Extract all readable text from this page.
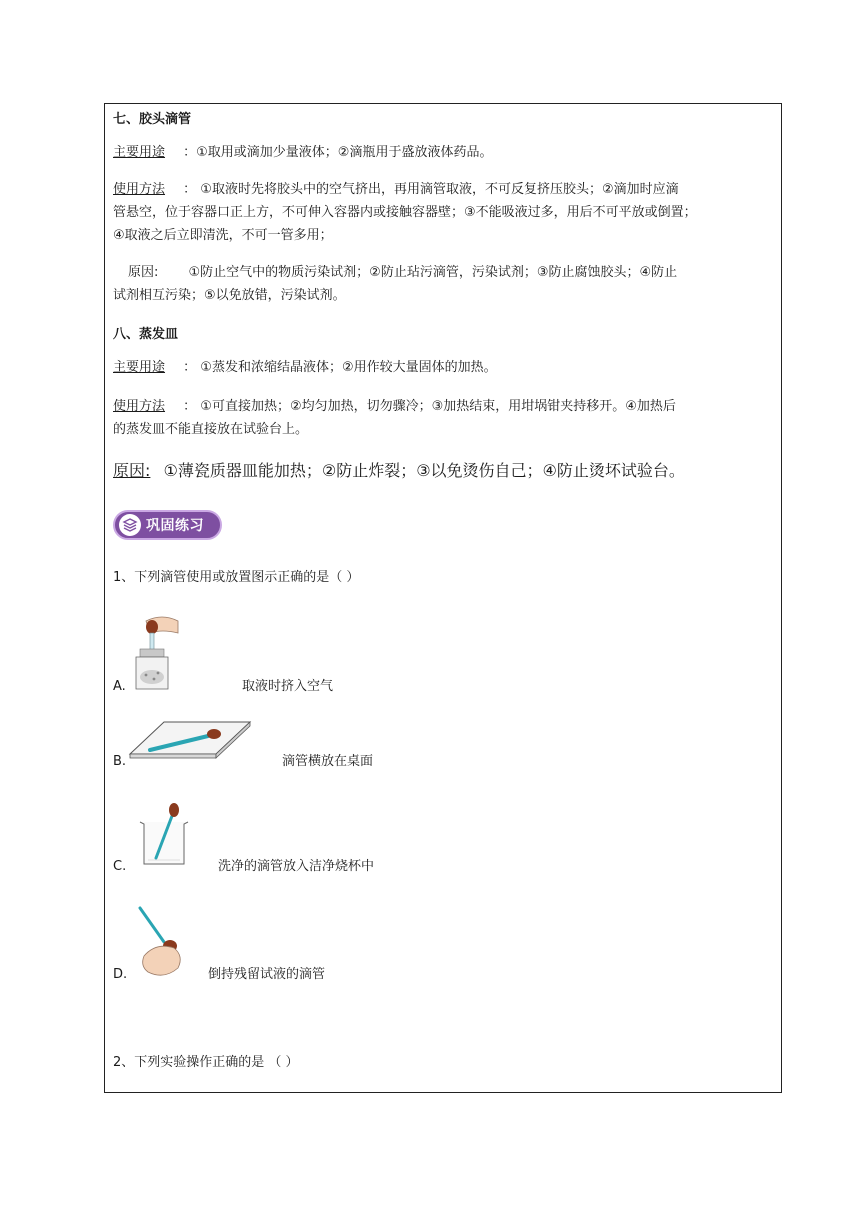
七、胶头滴管
主要用途 ：①取用或滴加少量液体；②滴瓶用于盛放液体药品。
使用方法 ： ①取液时先将胶头中的空气挤出，再用滴管取液，不可反复挤压胶头；②滴加时应滴
管悬空，位于容器口正上方，不可伸入容器内或接触容器壁；③不能吸液过多，用后不可平放或倒置；
④取液之后立即清洗，不可一管多用；
原因: ①防止空气中的物质污染试剂；②防止玷污滴管，污染试剂；③防止腐蚀胶头；④防止
试剂相互污染；⑤以免放错，污染试剂。
八、蒸发皿
主要用途 ： ①蒸发和浓缩结晶液体；②用作较大量固体的加热。
使用方法 ： ①可直接加热；②均匀加热，切勿骤冷；③加热结束，用坩埚钳夹持移开。④加热后
的蒸发皿不能直接放在试验台上。
原因: ①薄瓷质器皿能加热；②防止炸裂；③以免烫伤自己；④防止烫坏试验台。
巩固练习
1、下列滴管使用或放置图示正确的是（ ）
A.	取液时挤入空气
B.	滴管横放在桌面
C.	洗净的滴管放入洁净烧杯中
D.	倒持残留试液的滴管
2、下列实验操作正确的是 （ ）
